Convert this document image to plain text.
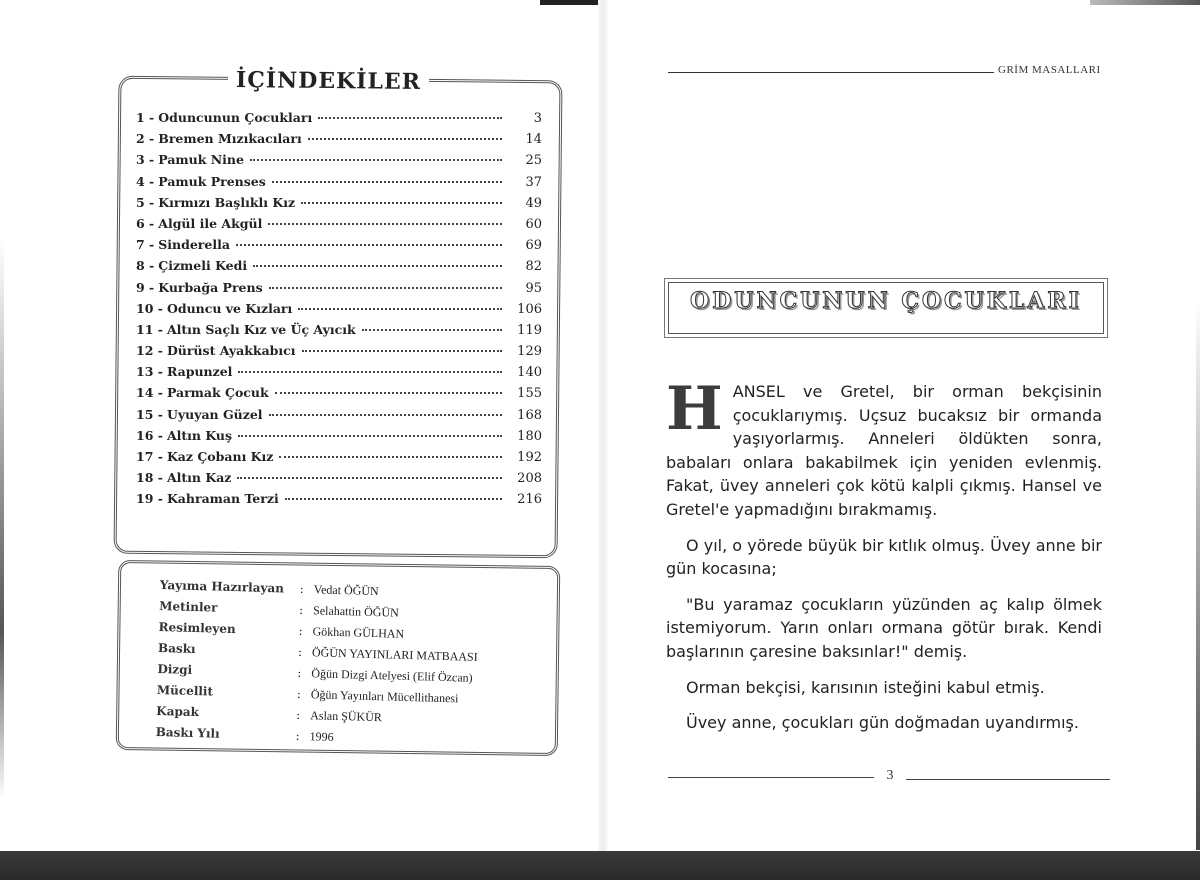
İÇİNDEKİLER
1 - Oduncunun Çocukları	3
2 - Bremen Mızıkacıları	14
3 - Pamuk Nine	25
4 - Pamuk Prenses	37
5 - Kırmızı Başlıklı Kız	49
6 - Algül ile Akgül	60
7 - Sinderella	69
8 - Çizmeli Kedi	82
9 - Kurbağa Prens	95
10 - Oduncu ve Kızları	106
11 - Altın Saçlı Kız ve Üç Ayıcık	119
12 - Dürüst Ayakkabıcı	129
13 - Rapunzel	140
14 - Parmak Çocuk	155
15 - Uyuyan Güzel	168
16 - Altın Kuş	180
17 - Kaz Çobanı Kız	192
18 - Altın Kaz	208
19 - Kahraman Terzi	216
Yayıma Hazırlayan	: Vedat ÖĞÜN
Metinler	: Selahattin ÖĞÜN
Resimleyen	: Gökhan GÜLHAN
Baskı	: ÖĞÜN YAYINLARI MATBAASI
Dizgi	: Öğün Dizgi Atelyesi (Elif Özcan)
Mücellit	: Öğün Yayınları Mücellithanesi
Kapak	: Aslan ŞÜKÜR
Baskı Yılı	: 1996
GRİM MASALLARI
ODUNCUNUN ÇOCUKLARI

HANSEL ve Gretel, bir orman bekçisinin çocuklarıymış. Uçsuz bucaksız bir ormanda yaşıyorlarmış. Anneleri öldükten sonra, babaları onlara bakabilmek için yeniden evlenmiş. Fakat, üvey anneleri çok kötü kalpli çıkmış. Hansel ve Gretel'e yapmadığını bırakmamış.

O yıl, o yörede büyük bir kıtlık olmuş. Üvey anne bir gün kocasına;

"Bu yaramaz çocukların yüzünden aç kalıp ölmek istemiyorum. Yarın onları ormana götür bırak. Kendi başlarının çaresine baksınlar!" demiş.

Orman bekçisi, karısının isteğini kabul etmiş.

Üvey anne, çocukları gün doğmadan uyandırmış.

3
